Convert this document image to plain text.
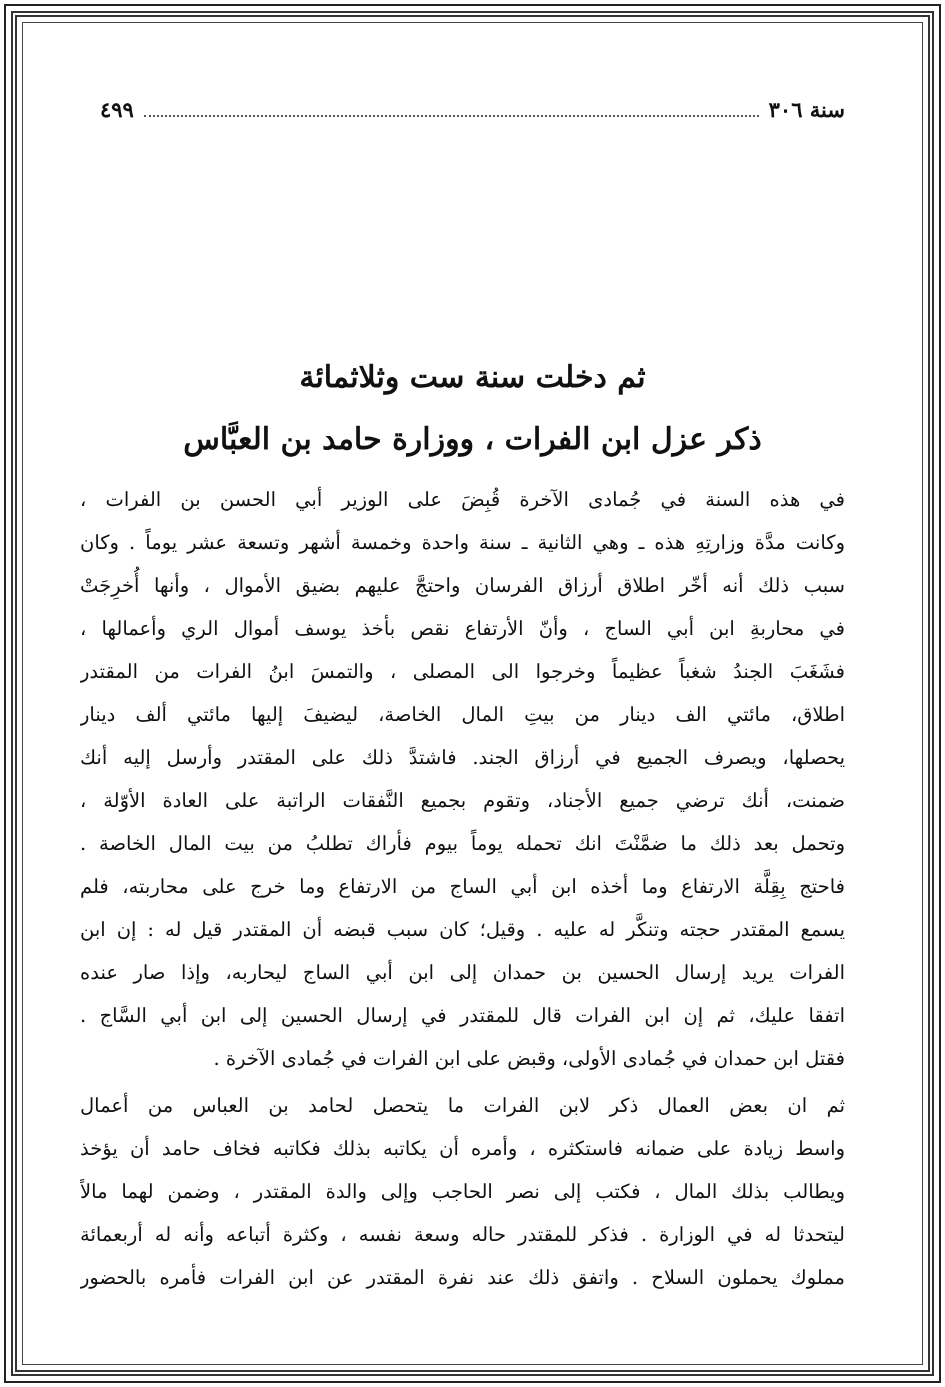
سنة ٣٠٦
٤٩٩
ثم دخلت سنة ست وثلاثمائة
ذكر عزل ابن الفرات ، ووزارة حامد بن العبَّاس
في هذه السنة في جُمادى الآخرة قُبِضَ على الوزير أبي الحسن بن الفرات ،
وكانت مدَّة وزارتِهِ هذه ـ وهي الثانية ـ سنة واحدة وخمسة أشهر وتسعة عشر يوماً . وكان
سبب ذلك أنه أخّر اطلاق أرزاق الفرسان واحتجَّ عليهم بضيق الأموال ، وأنها أُخرِجَتْ
في محاربةِ ابن أبي الساج ، وأنّ الأرتفاع نقص بأخذ يوسف أموال الري وأعمالها ،
فشَغَبَ الجندُ شغباً عظيماً وخرجوا الى المصلى ، والتمسَ ابنُ الفرات من المقتدر
اطلاق، مائتي الف دينار من بيتِ المال الخاصة، ليضيفَ إليها مائتي ألف دينار
يحصلها، ويصرف الجميع في أرزاق الجند. فاشتدَّ ذلك على المقتدر وأرسل إليه أنك
ضمنت، أنك ترضي جميع الأجناد، وتقوم بجميع النَّفقات الراتبة على العادة الأوّلة ،
وتحمل بعد ذلك ما ضمَّنْتَ انك تحمله يوماً بيوم فأراك تطلبُ من بيت المال الخاصة .
فاحتج بِقِلَّة الارتفاع وما أخذه ابن أبي الساج من الارتفاع وما خرج على محاربته، فلم
يسمع المقتدر حجته وتنكَّر له عليه . وقيل؛ كان سبب قبضه أن المقتدر قيل له : إن ابن
الفرات يريد إرسال الحسين بن حمدان إلى ابن أبي الساج ليحاربه، وإذا صار عنده
اتفقا عليك، ثم إن ابن الفرات قال للمقتدر في إرسال الحسين إلى ابن أبي السَّاج .
فقتل ابن حمدان في جُمادى الأولى، وقبض على ابن الفرات في جُمادى الآخرة .
ثم ان بعض العمال ذكر لابن الفرات ما يتحصل لحامد بن العباس من أعمال
واسط زيادة على ضمانه فاستكثره ، وأمره أن يكاتبه بذلك فكاتبه فخاف حامد أن يؤخذ
ويطالب بذلك المال ، فكتب إلى نصر الحاجب وإلى والدة المقتدر ، وضمن لهما مالاً
ليتحدثا له في الوزارة . فذكر للمقتدر حاله وسعة نفسه ، وكثرة أتباعه وأنه له أربعمائة
مملوك يحملون السلاح . واتفق ذلك عند نفرة المقتدر عن ابن الفرات فأمره بالحضور
